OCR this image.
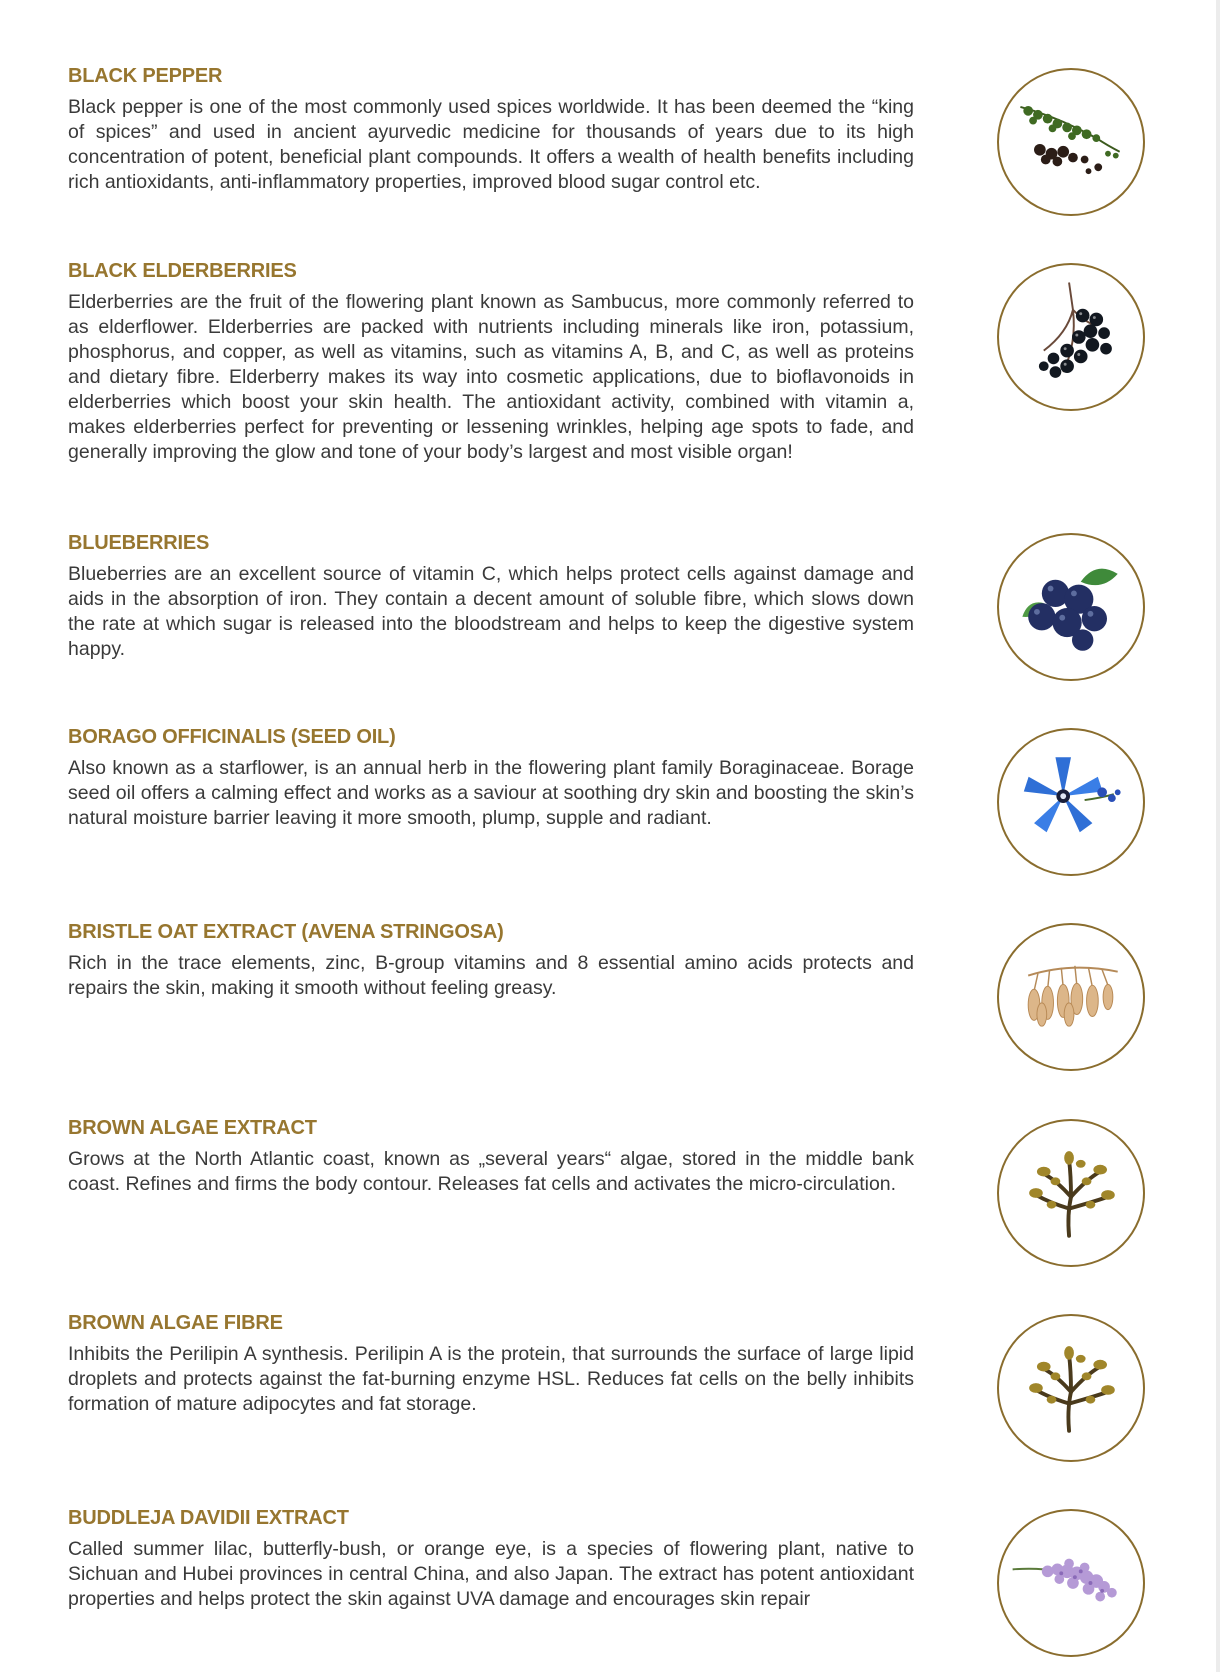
BLACK PEPPER

Black pepper is one of the most commonly used spices worldwide. It has been deemed the “king of spices” and used in ancient ayurvedic medicine for thousands of years due to its high concentration of potent, beneficial plant compounds. It offers a wealth of health benefits including rich antioxidants, anti-inflammatory properties, improved blood sugar control etc.

BLACK ELDERBERRIES

Elderberries are the fruit of the flowering plant known as Sambucus, more commonly referred to as elderflower. Elderberries are packed with nutrients including minerals like iron, potassium, phosphorus, and copper, as well as vitamins, such as vitamins A, B, and C, as well as proteins and dietary fibre. Elderberry makes its way into cosmetic applications, due to bioflavonoids in elderberries which boost your skin health. The antioxidant activity, combined with vitamin a, makes elderberries perfect for preventing or lessening wrinkles, helping age spots to fade, and generally improving the glow and tone of your body’s largest and most visible organ!

BLUEBERRIES

Blueberries are an excellent source of vitamin C, which helps protect cells against damage and aids in the absorption of iron. They contain a decent amount of soluble fibre, which slows down the rate at which sugar is released into the bloodstream and helps to keep the digestive system happy.

BORAGO OFFICINALIS (SEED OIL)

Also known as a starflower, is an annual herb in the flowering plant family Boraginaceae. Borage seed oil offers a calming effect and works as a saviour at soothing dry skin and boosting the skin’s natural moisture barrier leaving it more smooth, plump, supple and radiant.

BRISTLE OAT EXTRACT (AVENA STRINGOSA)

Rich in the trace elements, zinc, B-group vitamins and 8 essential amino acids protects and repairs the skin, making it smooth without feeling greasy.

BROWN ALGAE EXTRACT

Grows at the North Atlantic coast, known as „several years“ algae, stored in the middle bank coast. Refines and firms the body contour. Releases fat cells and activates the micro-circulation.

BROWN ALGAE FIBRE

Inhibits the Perilipin A synthesis. Perilipin A is the protein, that surrounds the surface of large lipid droplets and protects against the fat-burning enzyme HSL. Reduces fat cells on the belly inhibits formation of mature adipocytes and fat storage.

BUDDLEJA DAVIDII EXTRACT

Called summer lilac, butterfly-bush, or orange eye, is a species of flowering plant, native to Sichuan and Hubei provinces in central China, and also Japan. The extract has potent antioxidant properties and helps protect the skin against UVA damage and encourages skin repair
